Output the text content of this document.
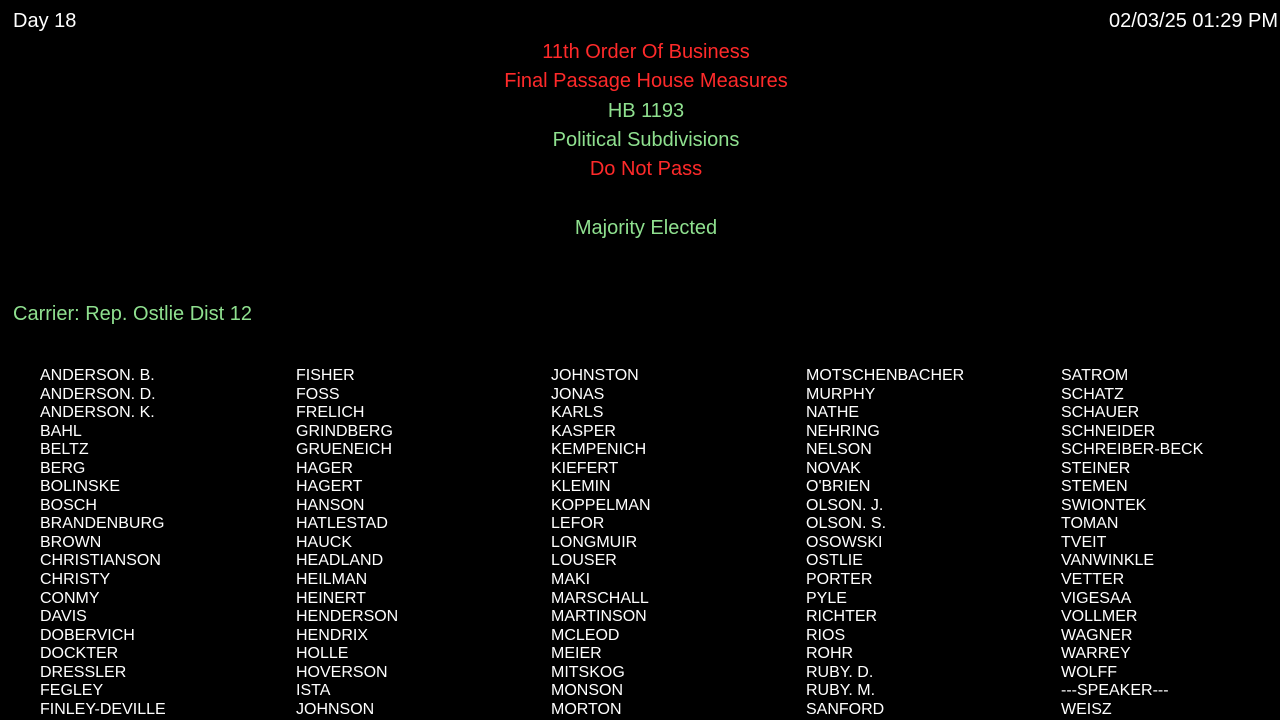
Day 18	02/03/25 01:29 PM
11th Order Of Business
Final Passage House Measures
HB 1193
Political Subdivisions
Do Not Pass
Majority Elected
Carrier: Rep. Ostlie Dist 12
ANDERSON. B.
ANDERSON. D.
ANDERSON. K.
BAHL
BELTZ
BERG
BOLINSKE
BOSCH
BRANDENBURG
BROWN
CHRISTIANSON
CHRISTY
CONMY
DAVIS
DOBERVICH
DOCKTER
DRESSLER
FEGLEY
FINLEY-DEVILLE
FISHER
FOSS
FRELICH
GRINDBERG
GRUENEICH
HAGER
HAGERT
HANSON
HATLESTAD
HAUCK
HEADLAND
HEILMAN
HEINERT
HENDERSON
HENDRIX
HOLLE
HOVERSON
ISTA
JOHNSON
JOHNSTON
JONAS
KARLS
KASPER
KEMPENICH
KIEFERT
KLEMIN
KOPPELMAN
LEFOR
LONGMUIR
LOUSER
MAKI
MARSCHALL
MARTINSON
MCLEOD
MEIER
MITSKOG
MONSON
MORTON
MOTSCHENBACHER
MURPHY
NATHE
NEHRING
NELSON
NOVAK
O'BRIEN
OLSON. J.
OLSON. S.
OSOWSKI
OSTLIE
PORTER
PYLE
RICHTER
RIOS
ROHR
RUBY. D.
RUBY. M.
SANFORD
SATROM
SCHATZ
SCHAUER
SCHNEIDER
SCHREIBER-BECK
STEINER
STEMEN
SWIONTEK
TOMAN
TVEIT
VANWINKLE
VETTER
VIGESAA
VOLLMER
WAGNER
WARREY
WOLFF
---SPEAKER---
WEISZ
